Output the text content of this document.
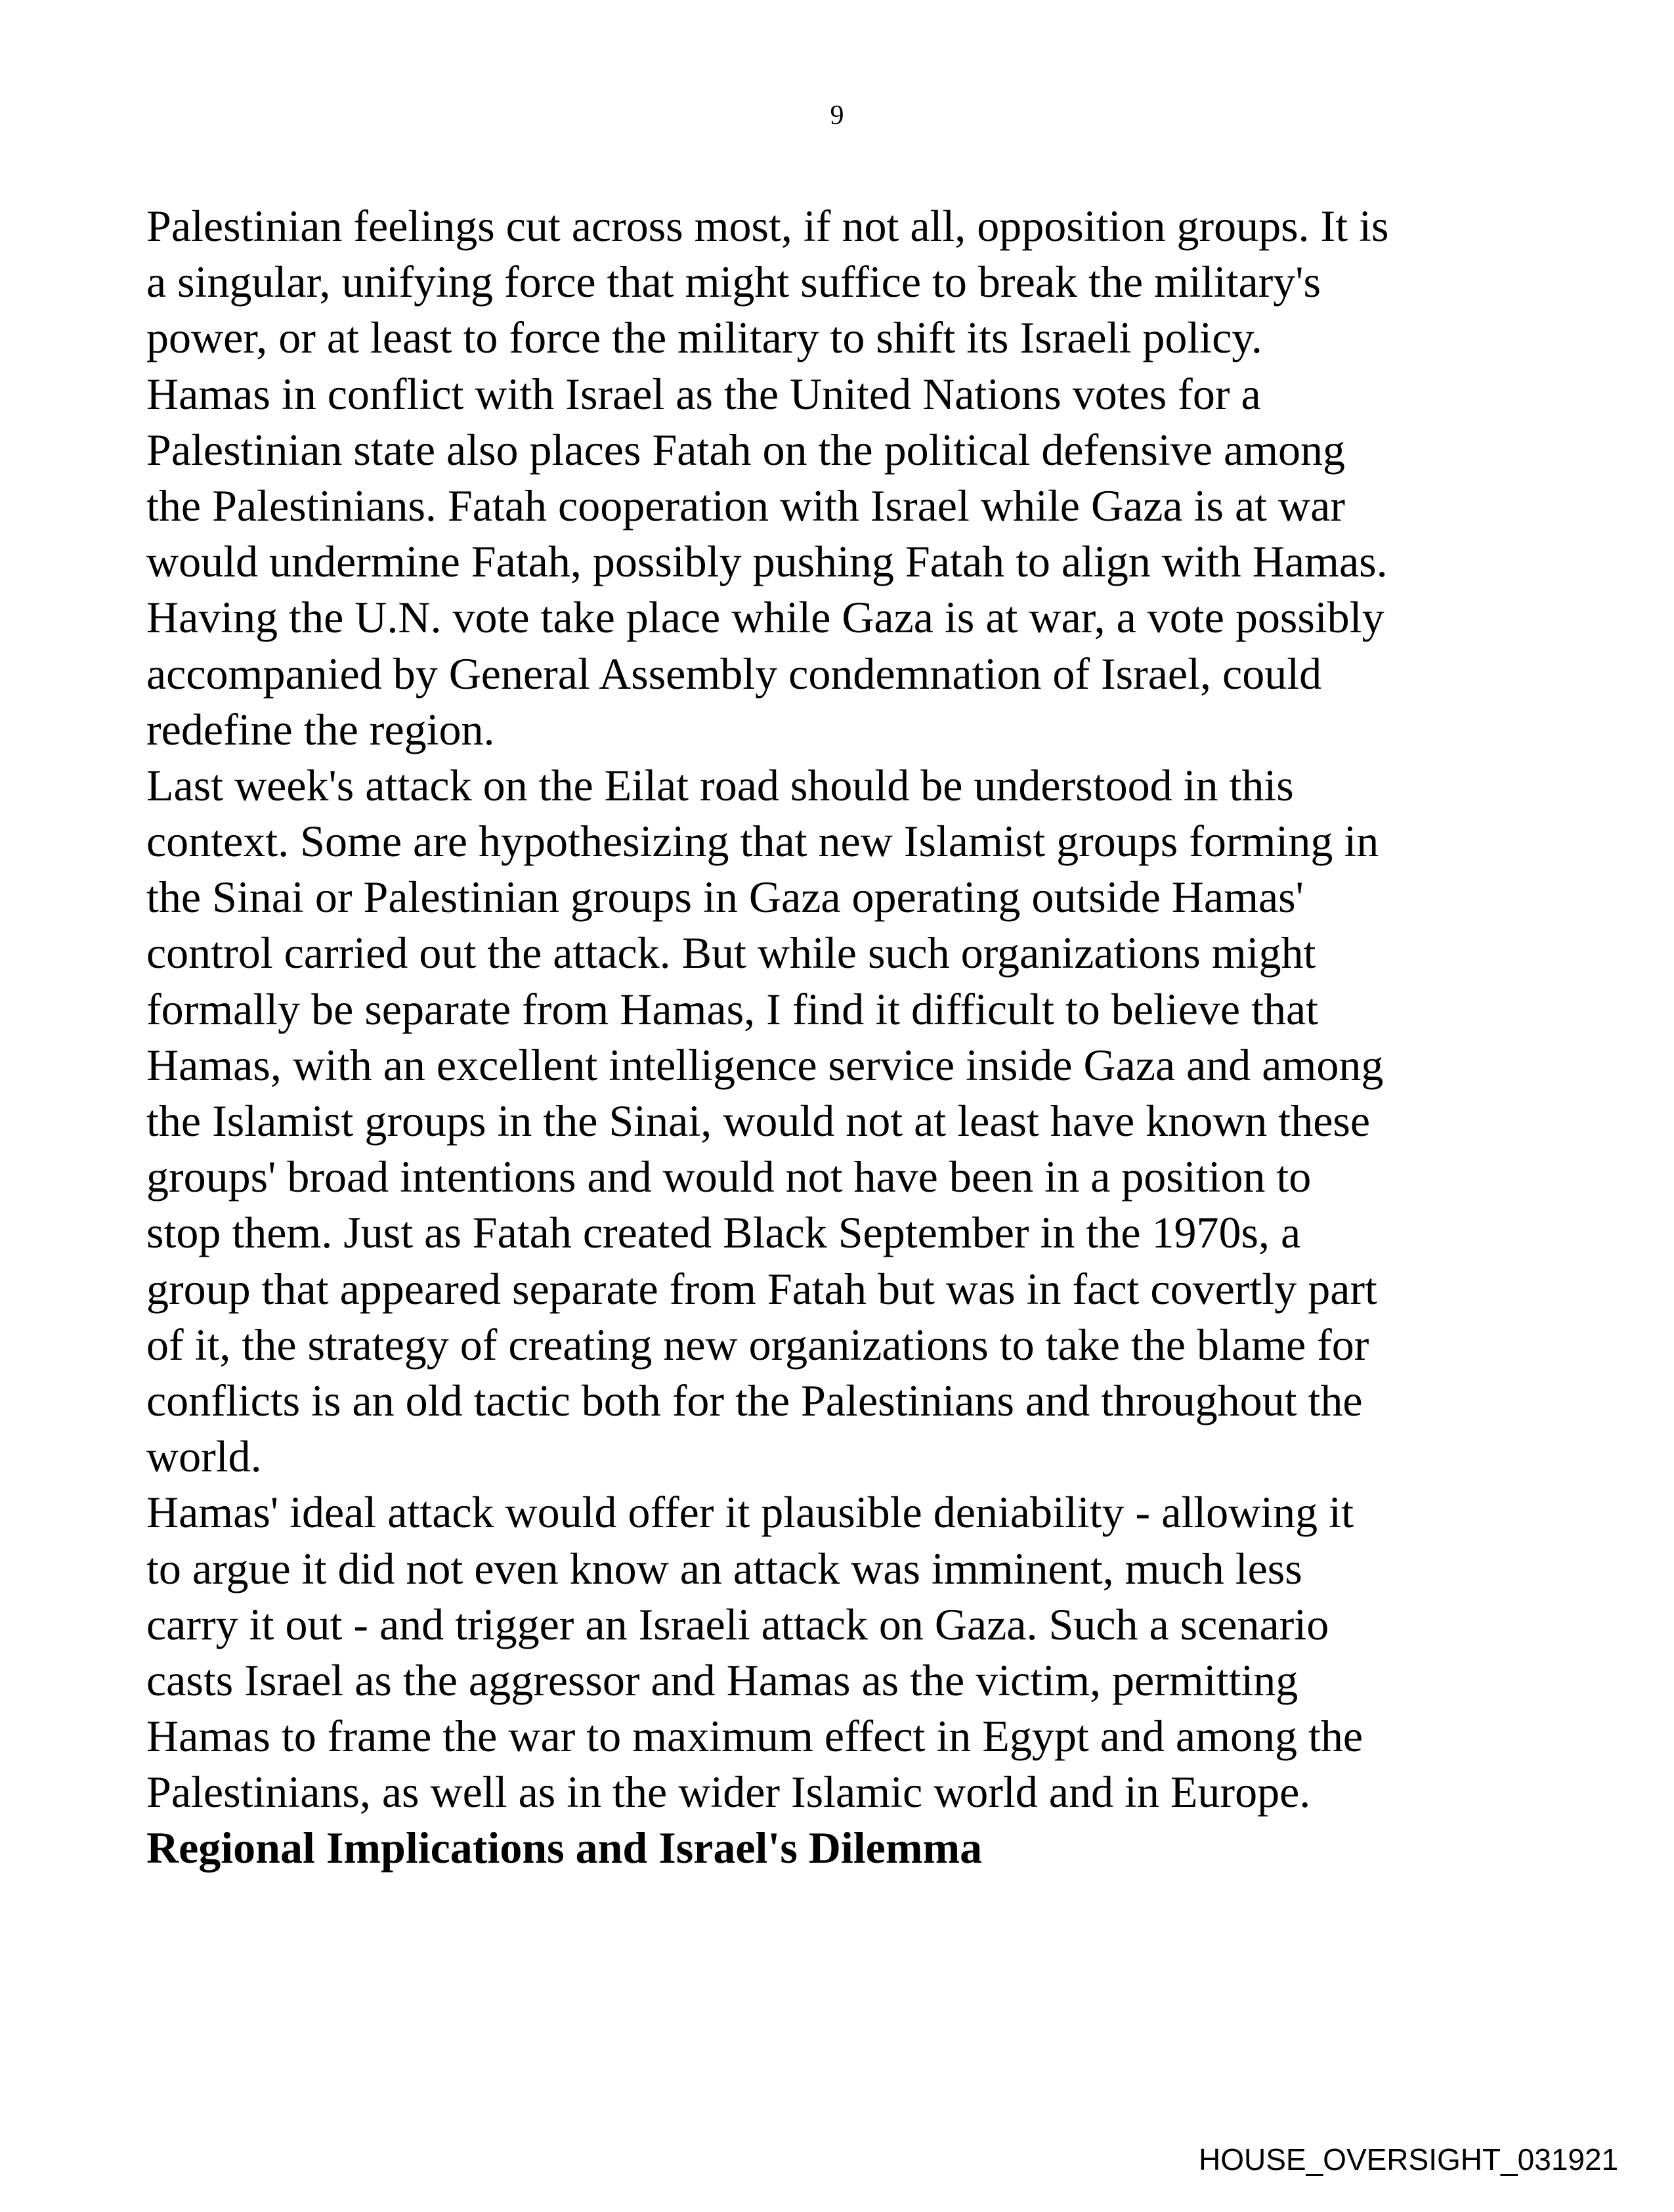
9
Palestinian feelings cut across most, if not all, opposition groups. It is
a singular, unifying force that might suffice to break the military's
power, or at least to force the military to shift its Israeli policy.
Hamas in conflict with Israel as the United Nations votes for a
Palestinian state also places Fatah on the political defensive among
the Palestinians. Fatah cooperation with Israel while Gaza is at war
would undermine Fatah, possibly pushing Fatah to align with Hamas.
Having the U.N. vote take place while Gaza is at war, a vote possibly
accompanied by General Assembly condemnation of Israel, could
redefine the region.
Last week's attack on the Eilat road should be understood in this
context. Some are hypothesizing that new Islamist groups forming in
the Sinai or Palestinian groups in Gaza operating outside Hamas'
control carried out the attack. But while such organizations might
formally be separate from Hamas, I find it difficult to believe that
Hamas, with an excellent intelligence service inside Gaza and among
the Islamist groups in the Sinai, would not at least have known these
groups' broad intentions and would not have been in a position to
stop them. Just as Fatah created Black September in the 1970s, a
group that appeared separate from Fatah but was in fact covertly part
of it, the strategy of creating new organizations to take the blame for
conflicts is an old tactic both for the Palestinians and throughout the
world.
Hamas' ideal attack would offer it plausible deniability - allowing it
to argue it did not even know an attack was imminent, much less
carry it out - and trigger an Israeli attack on Gaza. Such a scenario
casts Israel as the aggressor and Hamas as the victim, permitting
Hamas to frame the war to maximum effect in Egypt and among the
Palestinians, as well as in the wider Islamic world and in Europe.
Regional Implications and Israel's Dilemma
HOUSE_OVERSIGHT_031921
